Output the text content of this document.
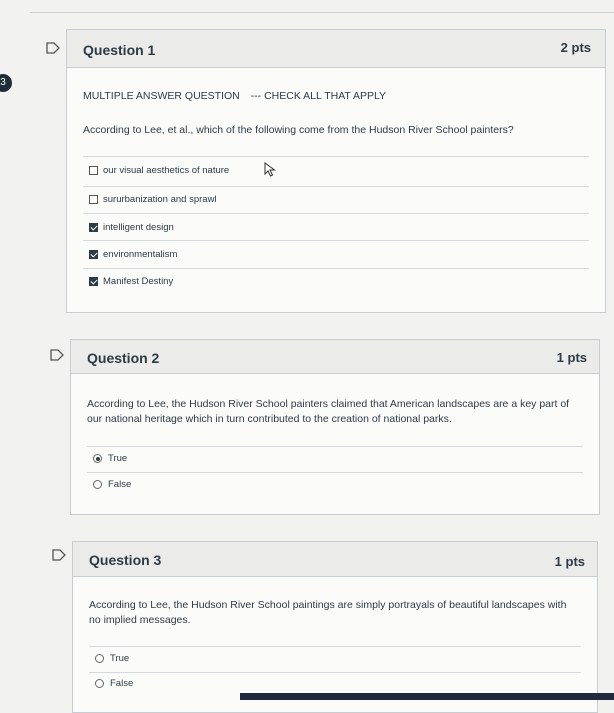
3
Question 1	2 pts
MULTIPLE ANSWER QUESTION --- CHECK ALL THAT APPLY
According to Lee, et al., which of the following come from the Hudson River School painters?
our visual aesthetics of nature
sururbanization and sprawl
intelligent design
environmentalism
Manifest Destiny
Question 2	1 pts
According to Lee, the Hudson River School painters claimed that American landscapes are a key part of our national heritage which in turn contributed to the creation of national parks.
True
False
Question 3	1 pts
According to Lee, the Hudson River School paintings are simply portrayals of beautiful landscapes with no implied messages.
True
False
